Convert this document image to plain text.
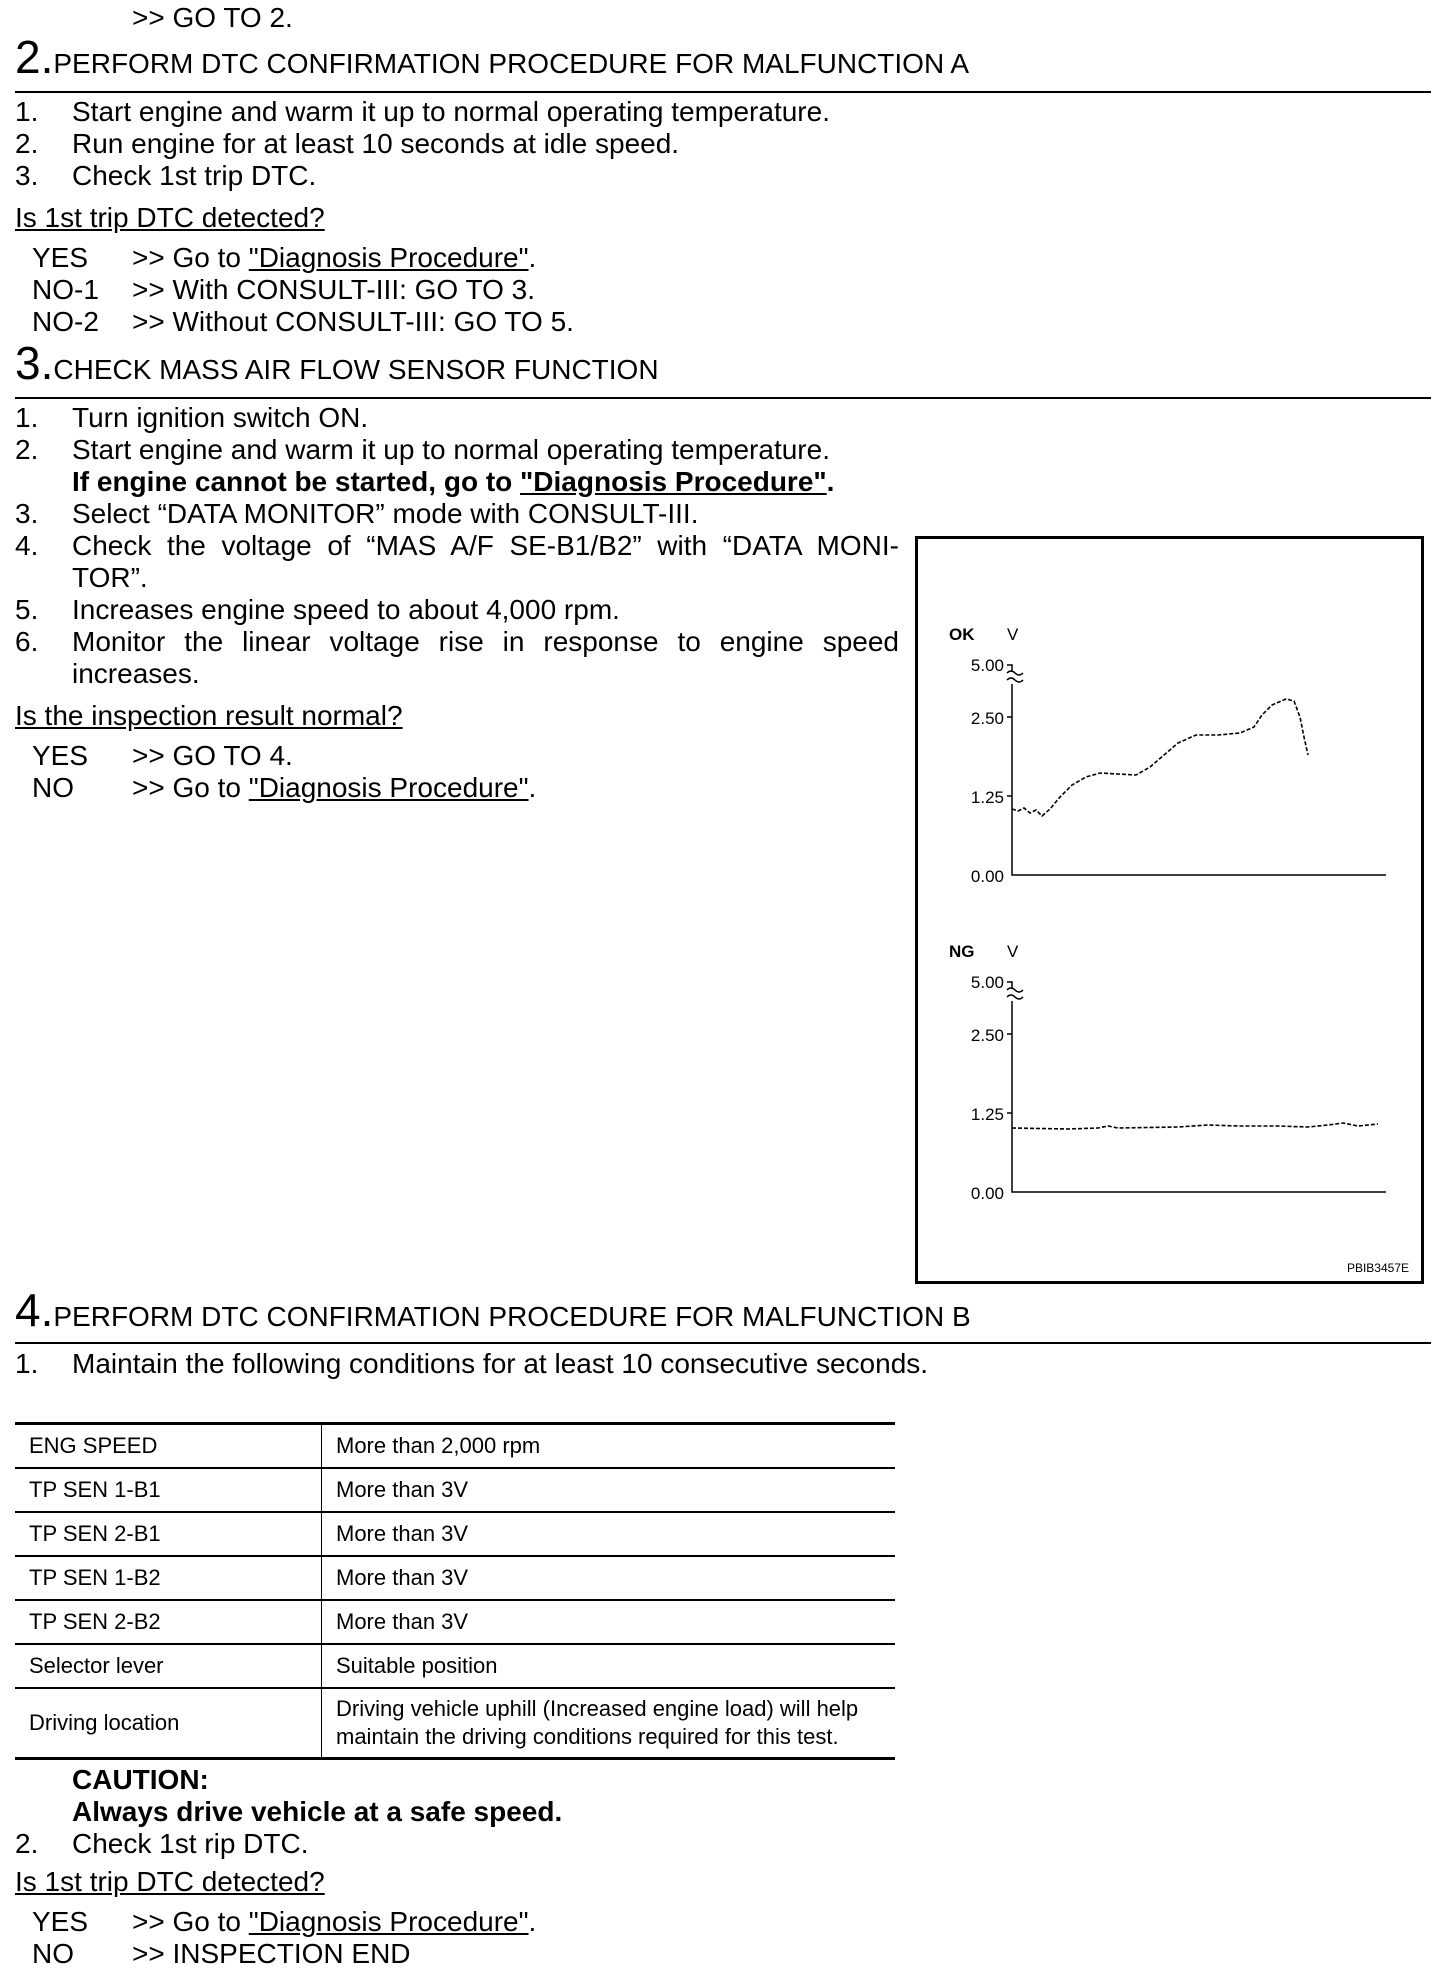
>> GO TO 2.
2.PERFORM DTC CONFIRMATION PROCEDURE FOR MALFUNCTION A
1. Start engine and warm it up to normal operating temperature.
2. Run engine for at least 10 seconds at idle speed.
3. Check 1st trip DTC.
Is 1st trip DTC detected?
YES >> Go to "Diagnosis Procedure".
NO-1 >> With CONSULT-III: GO TO 3.
NO-2 >> Without CONSULT-III: GO TO 5.
3.CHECK MASS AIR FLOW SENSOR FUNCTION
1. Turn ignition switch ON.
2. Start engine and warm it up to normal operating temperature.
If engine cannot be started, go to "Diagnosis Procedure".
3. Select “DATA MONITOR” mode with CONSULT-III.
4. Check the voltage of “MAS A/F SE-B1/B2” with “DATA MONI-
TOR”.
5. Increases engine speed to about 4,000 rpm.
6. Monitor the linear voltage rise in response to engine speed
increases.
Is the inspection result normal?
YES >> GO TO 4.
NO >> Go to "Diagnosis Procedure".
OK V
5.00
2.50
1.25
0.00
NG V
5.00
2.50
1.25
0.00
PBIB3457E
4.PERFORM DTC CONFIRMATION PROCEDURE FOR MALFUNCTION B
1. Maintain the following conditions for at least 10 consecutive seconds.
ENG SPEED	More than 2,000 rpm
TP SEN 1-B1	More than 3V
TP SEN 2-B1	More than 3V
TP SEN 1-B2	More than 3V
TP SEN 2-B2	More than 3V
Selector lever	Suitable position
Driving location	Driving vehicle uphill (Increased engine load) will help maintain the driving conditions required for this test.
CAUTION:
Always drive vehicle at a safe speed.
2. Check 1st rip DTC.
Is 1st trip DTC detected?
YES >> Go to "Diagnosis Procedure".
NO >> INSPECTION END
